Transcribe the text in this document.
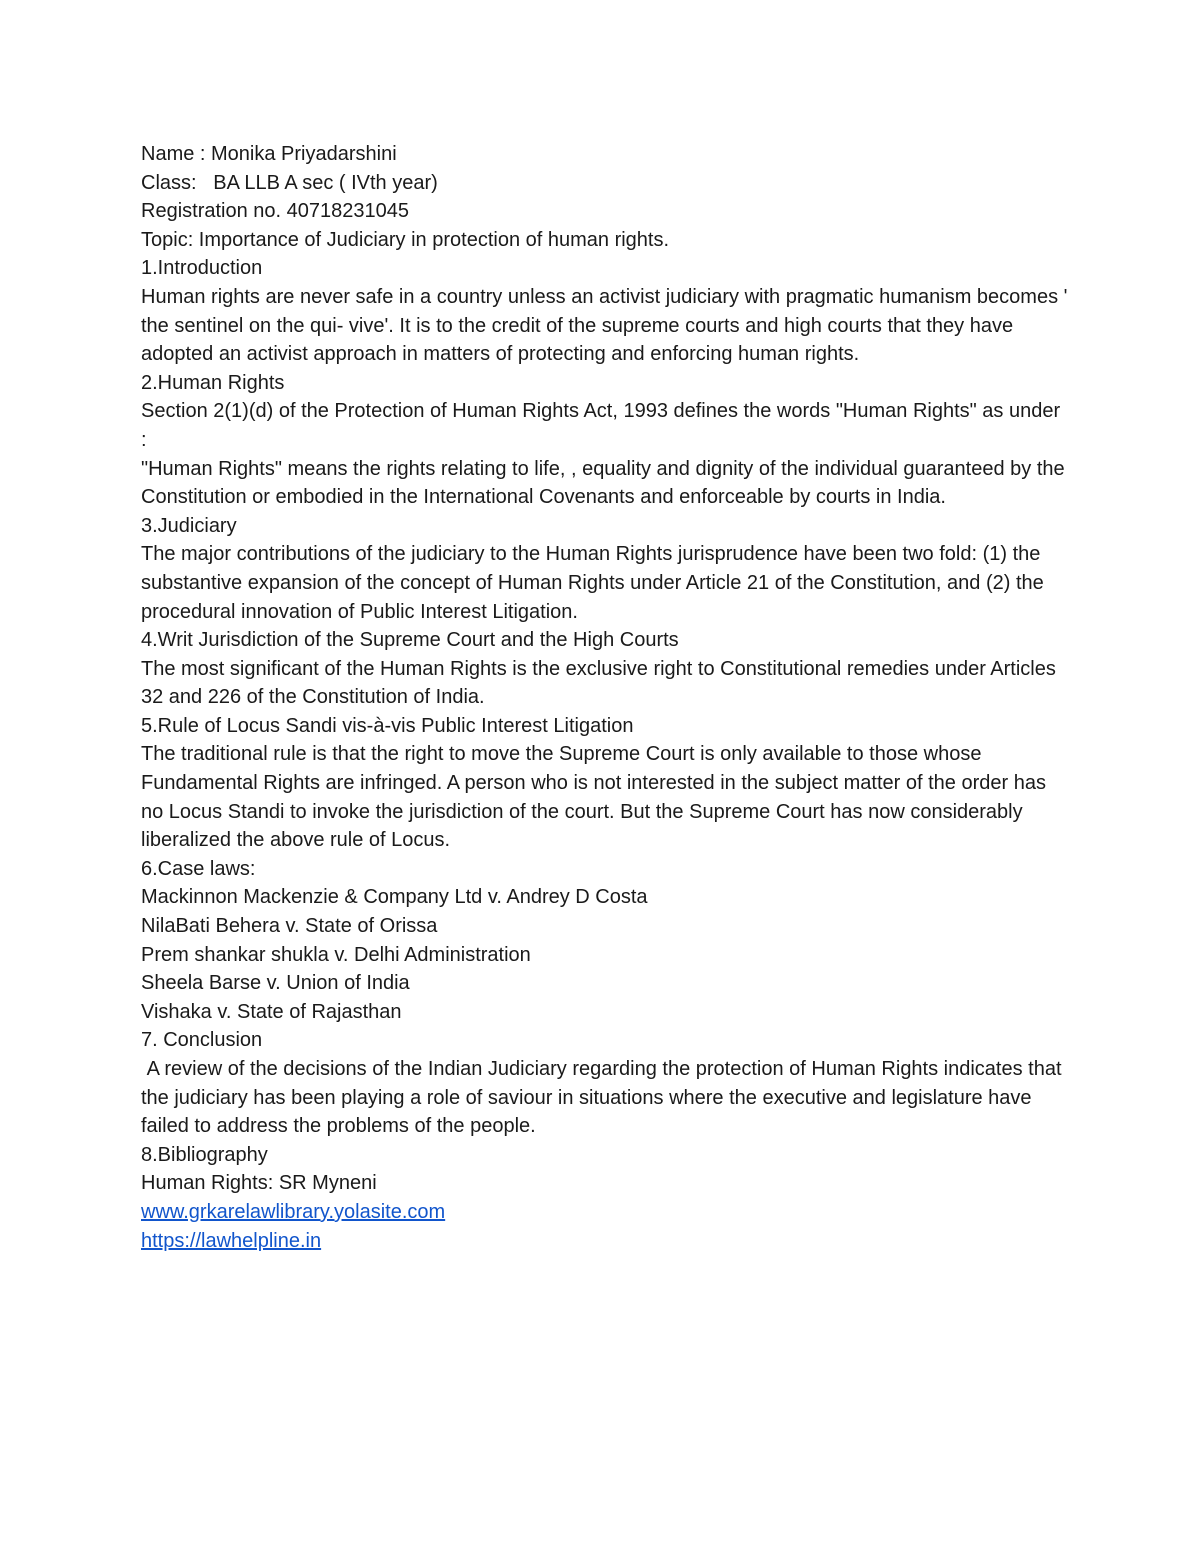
Name : Monika Priyadarshini

Class:   BA LLB A sec ( IVth year)

Registration no. 40718231045

Topic: Importance of Judiciary in protection of human rights.

1.Introduction

Human rights are never safe in a country unless an activist judiciary with pragmatic humanism becomes ' the sentinel on the qui- vive'. It is to the credit of the supreme courts and high courts that they have adopted an activist approach in matters of protecting and enforcing human rights.

2.Human Rights

Section 2(1)(d) of the Protection of Human Rights Act, 1993 defines the words "Human Rights" as under :

"Human Rights" means the rights relating to life, , equality and dignity of the individual guaranteed by the Constitution or embodied in the International Covenants and enforceable by courts in India.

3.Judiciary

The major contributions of the judiciary to the Human Rights jurisprudence have been two fold: (1) the substantive expansion of the concept of Human Rights under Article 21 of the Constitution, and (2) the procedural innovation of Public Interest Litigation.

4.Writ Jurisdiction of the Supreme Court and the High Courts

The most significant of the Human Rights is the exclusive right to Constitutional remedies under Articles 32 and 226 of the Constitution of India.

5.Rule of Locus Sandi vis-à-vis Public Interest Litigation

The traditional rule is that the right to move the Supreme Court is only available to those whose Fundamental Rights are infringed. A person who is not interested in the subject matter of the order has no Locus Standi to invoke the jurisdiction of the court. But the Supreme Court has now considerably liberalized the above rule of Locus.

6.Case laws:

Mackinnon Mackenzie & Company Ltd v. Andrey D Costa

NilaBati Behera v. State of Orissa

Prem shankar shukla v. Delhi Administration

Sheela Barse v. Union of India

Vishaka v. State of Rajasthan

7. Conclusion

A review of the decisions of the Indian Judiciary regarding the protection of Human Rights indicates that the judiciary has been playing a role of saviour in situations where the executive and legislature have failed to address the problems of the people.

8.Bibliography

Human Rights: SR Myneni

www.grkarelawlibrary.yolasite.com
https://lawhelpline.in
